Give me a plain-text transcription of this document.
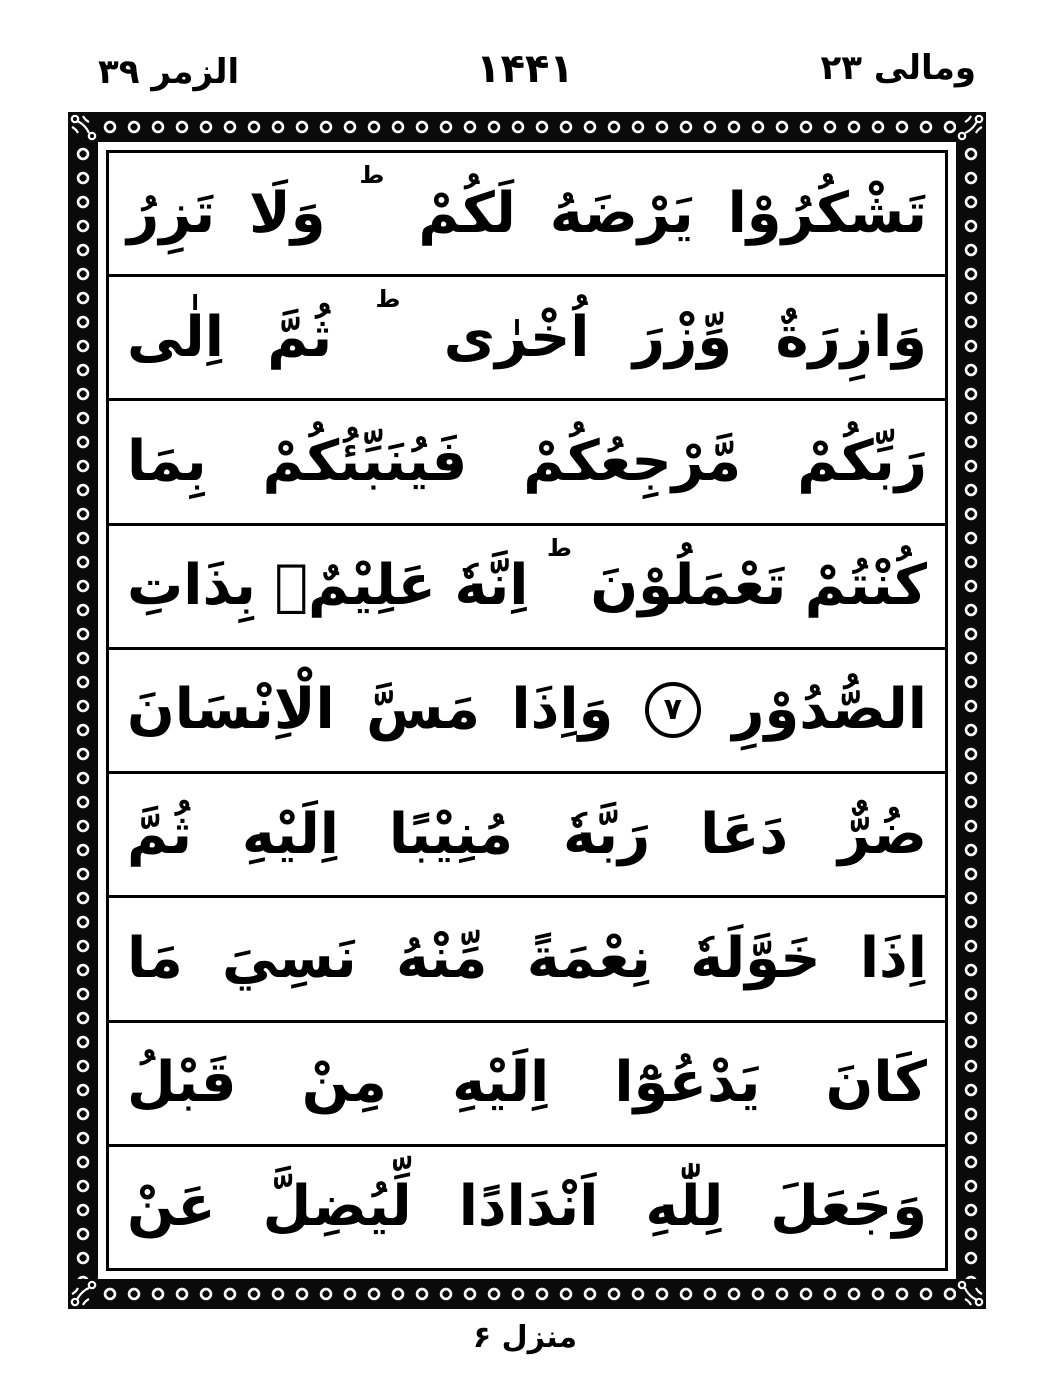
الزمر ۳۹	۱۴۴۱	ومالی ۲۳
تَشْكُرُوْا
يَرْضَهُ
لَكُمْ
ط
وَلَا
تَزِرُ
وَازِرَةٌ
وِّزْرَ
اُخْرٰى
ط
ثُمَّ
اِلٰى
رَبِّكُمْ
مَّرْجِعُكُمْ
فَيُنَبِّئُكُمْ
بِمَا
كُنْتُمْ
تَعْمَلُوْنَ
ط
اِنَّهٗ
عَلِيْمٌۢ
بِذَاتِ
الصُّدُوْرِ
۷
وَاِذَا
مَسَّ
الْاِنْسَانَ
ضُرٌّ
دَعَا
رَبَّهٗ
مُنِيْبًا
اِلَيْهِ
ثُمَّ
اِذَا
خَوَّلَهٗ
نِعْمَةً
مِّنْهُ
نَسِيَ
مَا
كَانَ
يَدْعُوْٓا
اِلَيْهِ
مِنْ
قَبْلُ
وَجَعَلَ
لِلّٰهِ
اَنْدَادًا
لِّيُضِلَّ
عَنْ
منزل ۶
